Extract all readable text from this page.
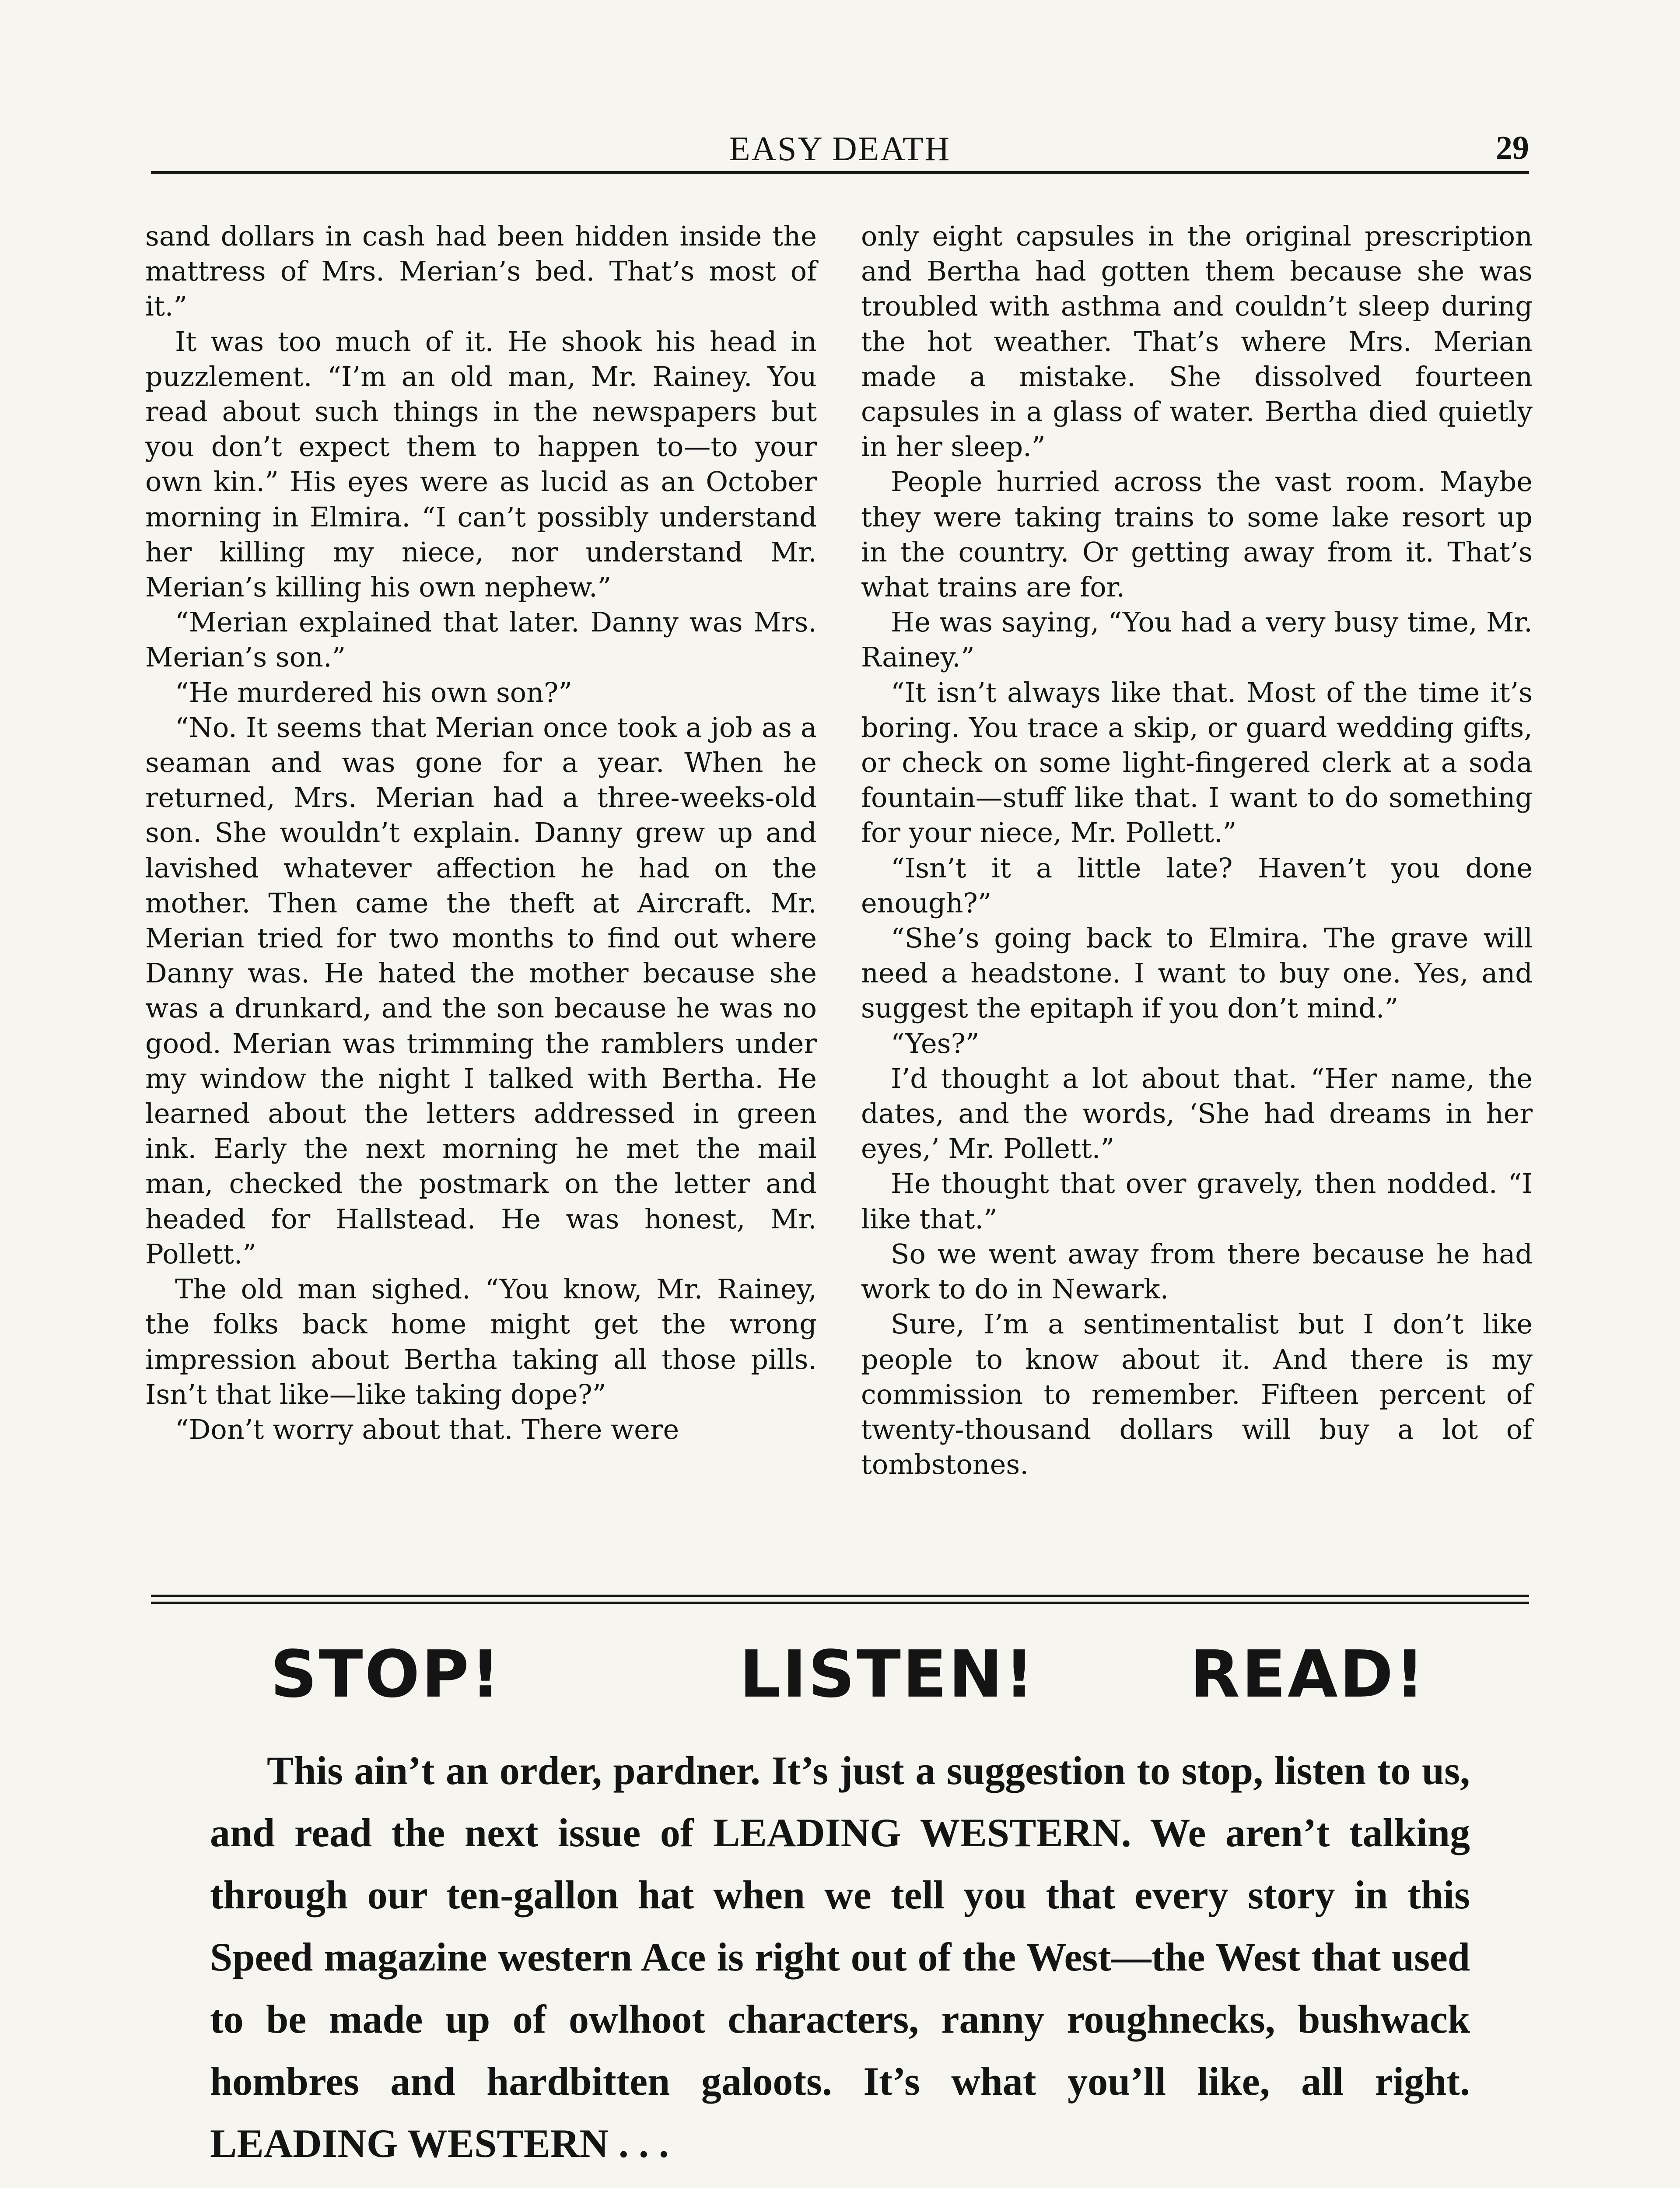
EASY DEATH	29

sand dollars in cash had been hidden inside the mattress of Mrs. Merian’s bed. That’s most of it.”

It was too much of it. He shook his head in puzzlement. “I’m an old man, Mr. Rainey. You read about such things in the newspapers but you don’t expect them to happen to—to your own kin.” His eyes were as lucid as an October morning in Elmira. “I can’t possibly understand her killing my niece, nor understand Mr. Merian’s killing his own nephew.”

“Merian explained that later. Danny was Mrs. Merian’s son.”

“He murdered his own son?”

“No. It seems that Merian once took a job as a seaman and was gone for a year. When he returned, Mrs. Merian had a three-weeks-old son. She wouldn’t explain. Danny grew up and lavished whatever affection he had on the mother. Then came the theft at Aircraft. Mr. Merian tried for two months to find out where Danny was. He hated the mother because she was a drunkard, and the son because he was no good. Merian was trimming the ramblers under my window the night I talked with Bertha. He learned about the letters addressed in green ink. Early the next morning he met the mail man, checked the postmark on the letter and headed for Hallstead. He was honest, Mr. Pollett.”

The old man sighed. “You know, Mr. Rainey, the folks back home might get the wrong impression about Bertha taking all those pills. Isn’t that like—like taking dope?”

“Don’t worry about that. There were

only eight capsules in the original prescription and Bertha had gotten them because she was troubled with asthma and couldn’t sleep during the hot weather. That’s where Mrs. Merian made a mistake. She dissolved fourteen capsules in a glass of water. Bertha died quietly in her sleep.”

People hurried across the vast room. Maybe they were taking trains to some lake resort up in the country. Or getting away from it. That’s what trains are for.

He was saying, “You had a very busy time, Mr. Rainey.”

“It isn’t always like that. Most of the time it’s boring. You trace a skip, or guard wedding gifts, or check on some light-fingered clerk at a soda fountain—stuff like that. I want to do something for your niece, Mr. Pollett.”

“Isn’t it a little late? Haven’t you done enough?”

“She’s going back to Elmira. The grave will need a headstone. I want to buy one. Yes, and suggest the epitaph if you don’t mind.”

“Yes?”

I’d thought a lot about that. “Her name, the dates, and the words, ‘She had dreams in her eyes,’ Mr. Pollett.”

He thought that over gravely, then nodded. “I like that.”

So we went away from there because he had work to do in Newark.

Sure, I’m a sentimentalist but I don’t like people to know about it. And there is my commission to remember. Fifteen percent of twenty-thousand dollars will buy a lot of tombstones.

STOP!	LISTEN! READ!

This ain’t an order, pardner. It’s just a suggestion to stop, listen to us, and read the next issue of LEADING WESTERN. We aren’t talking through our ten-gallon hat when we tell you that every story in this Speed magazine western Ace is right out of the West—the West that used to be made up of owlhoot characters, ranny roughnecks, bushwack hombres and hardbitten galoots. It’s what you’ll like, all right. LEADING WESTERN . . .
